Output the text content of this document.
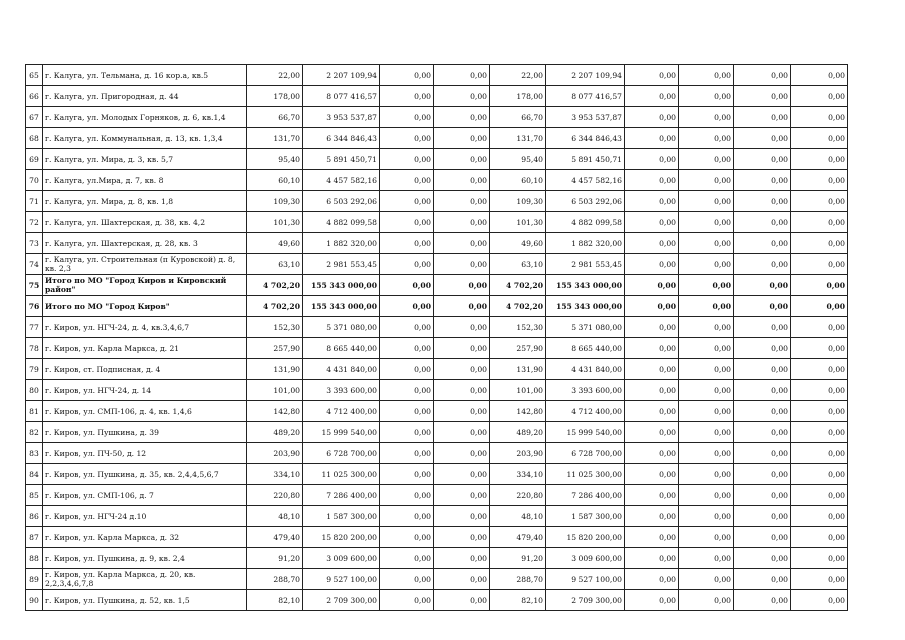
65	г. Калуга, ул. Тельмана, д. 16 кор.а, кв.5	22,00	2 207 109,94	0,00	0,00	22,00	2 207 109,94	0,00	0,00	0,00	0,00
66	г. Калуга, ул. Пригородная, д. 44	178,00	8 077 416,57	0,00	0,00	178,00	8 077 416,57	0,00	0,00	0,00	0,00
67	г. Калуга, ул. Молодых Горняков, д. 6, кв.1,4	66,70	3 953 537,87	0,00	0,00	66,70	3 953 537,87	0,00	0,00	0,00	0,00
68	г. Калуга, ул. Коммунальная, д. 13, кв. 1,3,4	131,70	6 344 846,43	0,00	0,00	131,70	6 344 846,43	0,00	0,00	0,00	0,00
69	г. Калуга, ул. Мира, д. 3, кв. 5,7	95,40	5 891 450,71	0,00	0,00	95,40	5 891 450,71	0,00	0,00	0,00	0,00
70	г. Калуга, ул.Мира, д. 7, кв. 8	60,10	4 457 582,16	0,00	0,00	60,10	4 457 582,16	0,00	0,00	0,00	0,00
71	г. Калуга, ул. Мира, д. 8, кв. 1,8	109,30	6 503 292,06	0,00	0,00	109,30	6 503 292,06	0,00	0,00	0,00	0,00
72	г. Калуга, ул. Шахтерская, д. 38, кв. 4,2	101,30	4 882 099,58	0,00	0,00	101,30	4 882 099,58	0,00	0,00	0,00	0,00
73	г. Калуга, ул. Шахтерская, д. 28, кв. 3	49,60	1 882 320,00	0,00	0,00	49,60	1 882 320,00	0,00	0,00	0,00	0,00
74	г. Калуга, ул. Строительная (п Куровской) д. 8, кв. 2,3	63,10	2 981 553,45	0,00	0,00	63,10	2 981 553,45	0,00	0,00	0,00	0,00
75	Итого по МО "Город Киров и Кировский район"	4 702,20	155 343 000,00	0,00	0,00	4 702,20	155 343 000,00	0,00	0,00	0,00	0,00
76	Итого по МО "Город Киров"	4 702,20	155 343 000,00	0,00	0,00	4 702,20	155 343 000,00	0,00	0,00	0,00	0,00
77	г. Киров, ул. НГЧ-24, д. 4, кв.3,4,6,7	152,30	5 371 080,00	0,00	0,00	152,30	5 371 080,00	0,00	0,00	0,00	0,00
78	г. Киров, ул. Карла Маркса, д. 21	257,90	8 665 440,00	0,00	0,00	257,90	8 665 440,00	0,00	0,00	0,00	0,00
79	г. Киров, ст. Подписная, д. 4	131,90	4 431 840,00	0,00	0,00	131,90	4 431 840,00	0,00	0,00	0,00	0,00
80	г. Киров, ул. НГЧ-24, д. 14	101,00	3 393 600,00	0,00	0,00	101,00	3 393 600,00	0,00	0,00	0,00	0,00
81	г. Киров, ул. СМП-106, д. 4, кв. 1,4,6	142,80	4 712 400,00	0,00	0,00	142,80	4 712 400,00	0,00	0,00	0,00	0,00
82	г. Киров, ул. Пушкина, д. 39	489,20	15 999 540,00	0,00	0,00	489,20	15 999 540,00	0,00	0,00	0,00	0,00
83	г. Киров, ул. ПЧ-50, д. 12	203,90	6 728 700,00	0,00	0,00	203,90	6 728 700,00	0,00	0,00	0,00	0,00
84	г. Киров, ул. Пушкина, д. 35, кв. 2,4,4,5,6,7	334,10	11 025 300,00	0,00	0,00	334,10	11 025 300,00	0,00	0,00	0,00	0,00
85	г. Киров, ул. СМП-106, д. 7	220,80	7 286 400,00	0,00	0,00	220,80	7 286 400,00	0,00	0,00	0,00	0,00
86	г. Киров, ул. НГЧ-24 д.10	48,10	1 587 300,00	0,00	0,00	48,10	1 587 300,00	0,00	0,00	0,00	0,00
87	г. Киров, ул. Карла Маркса, д. 32	479,40	15 820 200,00	0,00	0,00	479,40	15 820 200,00	0,00	0,00	0,00	0,00
88	г. Киров, ул. Пушкина, д. 9, кв. 2,4	91,20	3 009 600,00	0,00	0,00	91,20	3 009 600,00	0,00	0,00	0,00	0,00
89	г. Киров, ул. Карла Маркса, д. 20, кв. 2,2,3,4,6,7,8	288,70	9 527 100,00	0,00	0,00	288,70	9 527 100,00	0,00	0,00	0,00	0,00
90	г. Киров, ул. Пушкина, д. 52, кв. 1,5	82,10	2 709 300,00	0,00	0,00	82,10	2 709 300,00	0,00	0,00	0,00	0,00
